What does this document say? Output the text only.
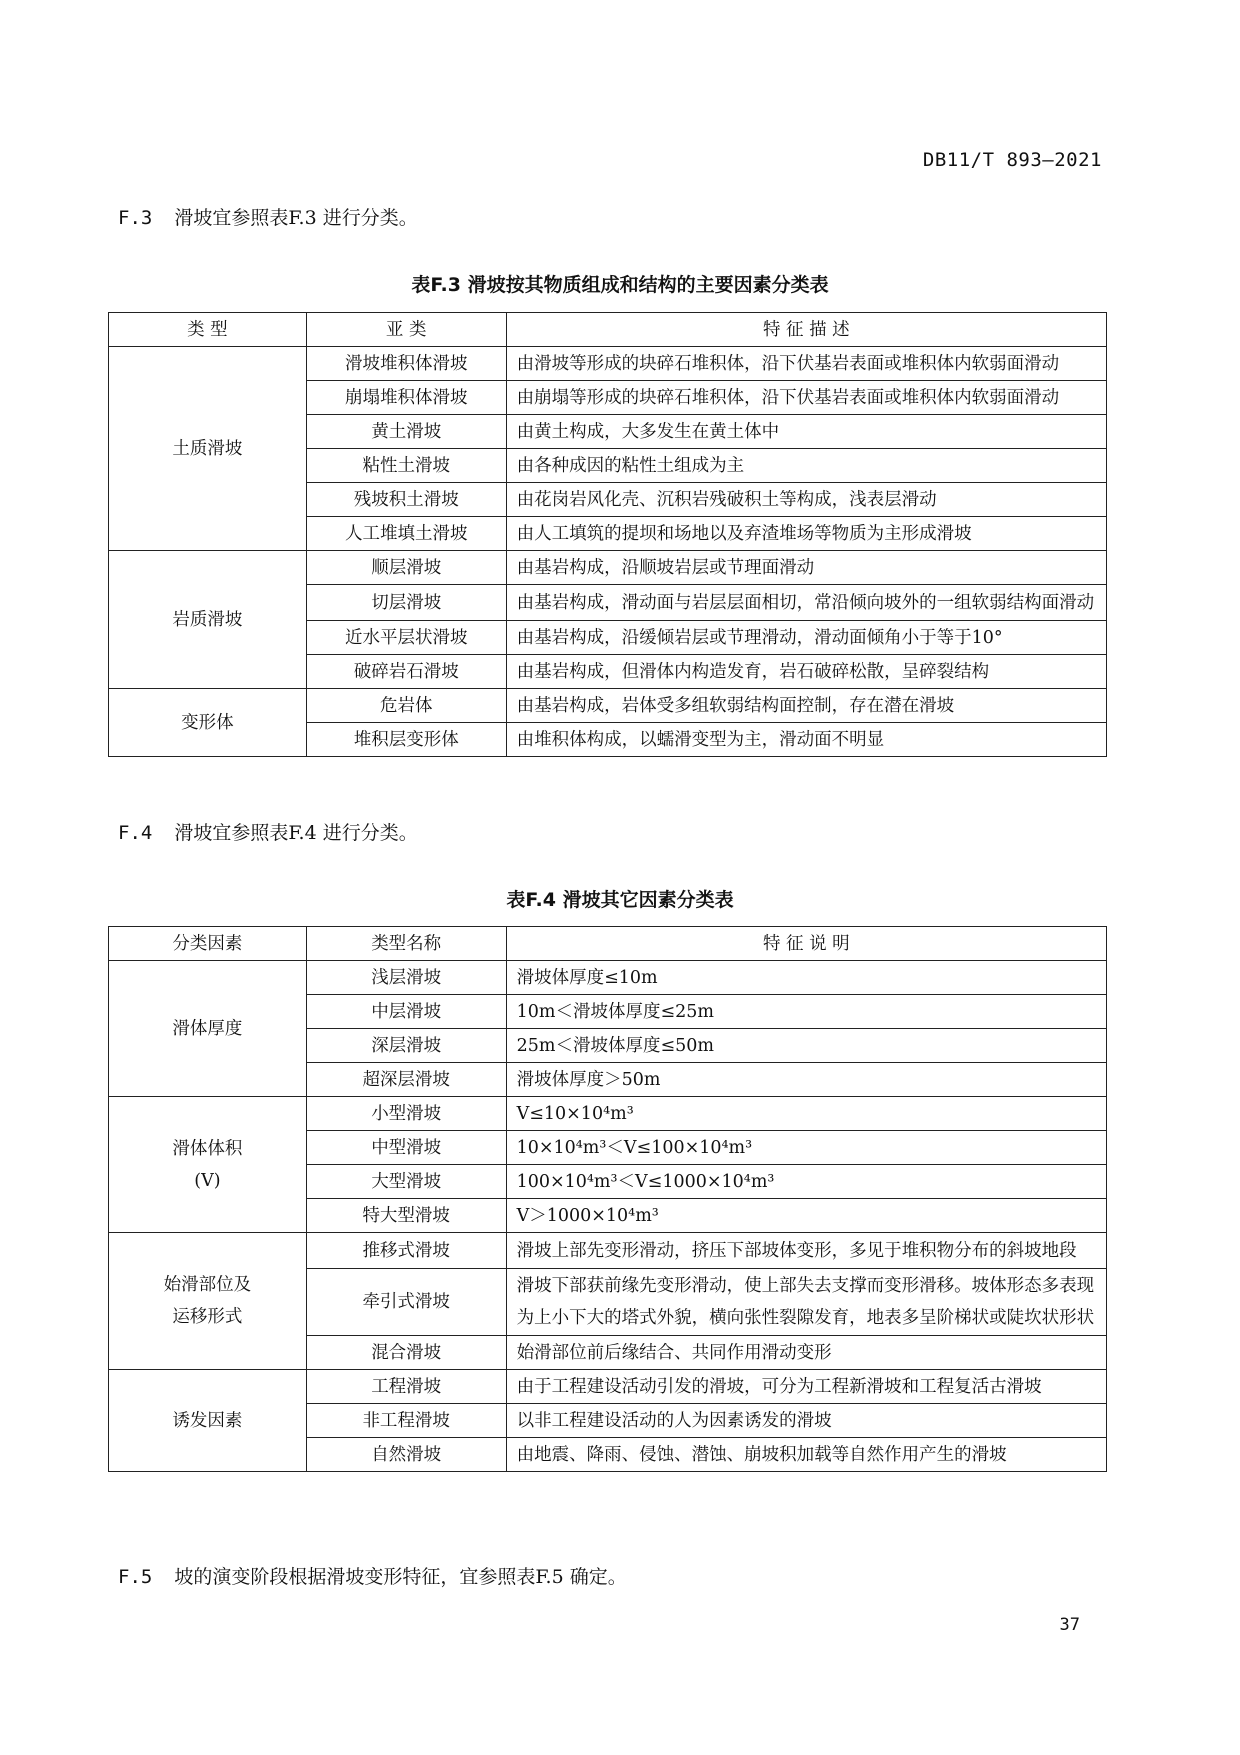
DB11/T 893—2021
F.3 滑坡宜参照表F.3 进行分类。
表F.3 滑坡按其物质组成和结构的主要因素分类表
类 型	亚 类	特 征 描 述
土质滑坡	滑坡堆积体滑坡	由滑坡等形成的块碎石堆积体，沿下伏基岩表面或堆积体内软弱面滑动
	崩塌堆积体滑坡	由崩塌等形成的块碎石堆积体，沿下伏基岩表面或堆积体内软弱面滑动
	黄土滑坡	由黄土构成，大多发生在黄土体中
	粘性土滑坡	由各种成因的粘性土组成为主
	残坡积土滑坡	由花岗岩风化壳、沉积岩残破积土等构成，浅表层滑动
	人工堆填土滑坡	由人工填筑的提坝和场地以及弃渣堆场等物质为主形成滑坡
岩质滑坡	顺层滑坡	由基岩构成，沿顺坡岩层或节理面滑动
	切层滑坡	由基岩构成，滑动面与岩层层面相切，常沿倾向坡外的一组软弱结构面滑动
	近水平层状滑坡	由基岩构成，沿缓倾岩层或节理滑动，滑动面倾角小于等于10°
	破碎岩石滑坡	由基岩构成，但滑体内构造发育，岩石破碎松散，呈碎裂结构
变形体	危岩体	由基岩构成，岩体受多组软弱结构面控制，存在潜在滑坡
	堆积层变形体	由堆积体构成，以蠕滑变型为主，滑动面不明显
F.4 滑坡宜参照表F.4 进行分类。
表F.4 滑坡其它因素分类表
分类因素	类型名称	特 征 说 明
滑体厚度	浅层滑坡	滑坡体厚度≤10m
	中层滑坡	10m＜滑坡体厚度≤25m
	深层滑坡	25m＜滑坡体厚度≤50m
	超深层滑坡	滑坡体厚度＞50m

滑体体积
(V)	小型滑坡	V≤10×10⁴m³
	中型滑坡	10×10⁴m³＜V≤100×10⁴m³
	大型滑坡	100×10⁴m³＜V≤1000×10⁴m³
	特大型滑坡	V＞1000×10⁴m³

始滑部位及
运移形式	推移式滑坡	滑坡上部先变形滑动，挤压下部坡体变形，多见于堆积物分布的斜坡地段
	牵引式滑坡	滑坡下部获前缘先变形滑动，使上部失去支撑而变形滑移。坡体形态多表现为上小下大的塔式外貌，横向张性裂隙发育，地表多呈阶梯状或陡坎状形状
	混合滑坡	始滑部位前后缘结合、共同作用滑动变形
诱发因素	工程滑坡	由于工程建设活动引发的滑坡，可分为工程新滑坡和工程复活古滑坡
	非工程滑坡	以非工程建设活动的人为因素诱发的滑坡
	自然滑坡	由地震、降雨、侵蚀、潜蚀、崩坡积加载等自然作用产生的滑坡
F.5 坡的演变阶段根据滑坡变形特征，宜参照表F.5 确定。
37
